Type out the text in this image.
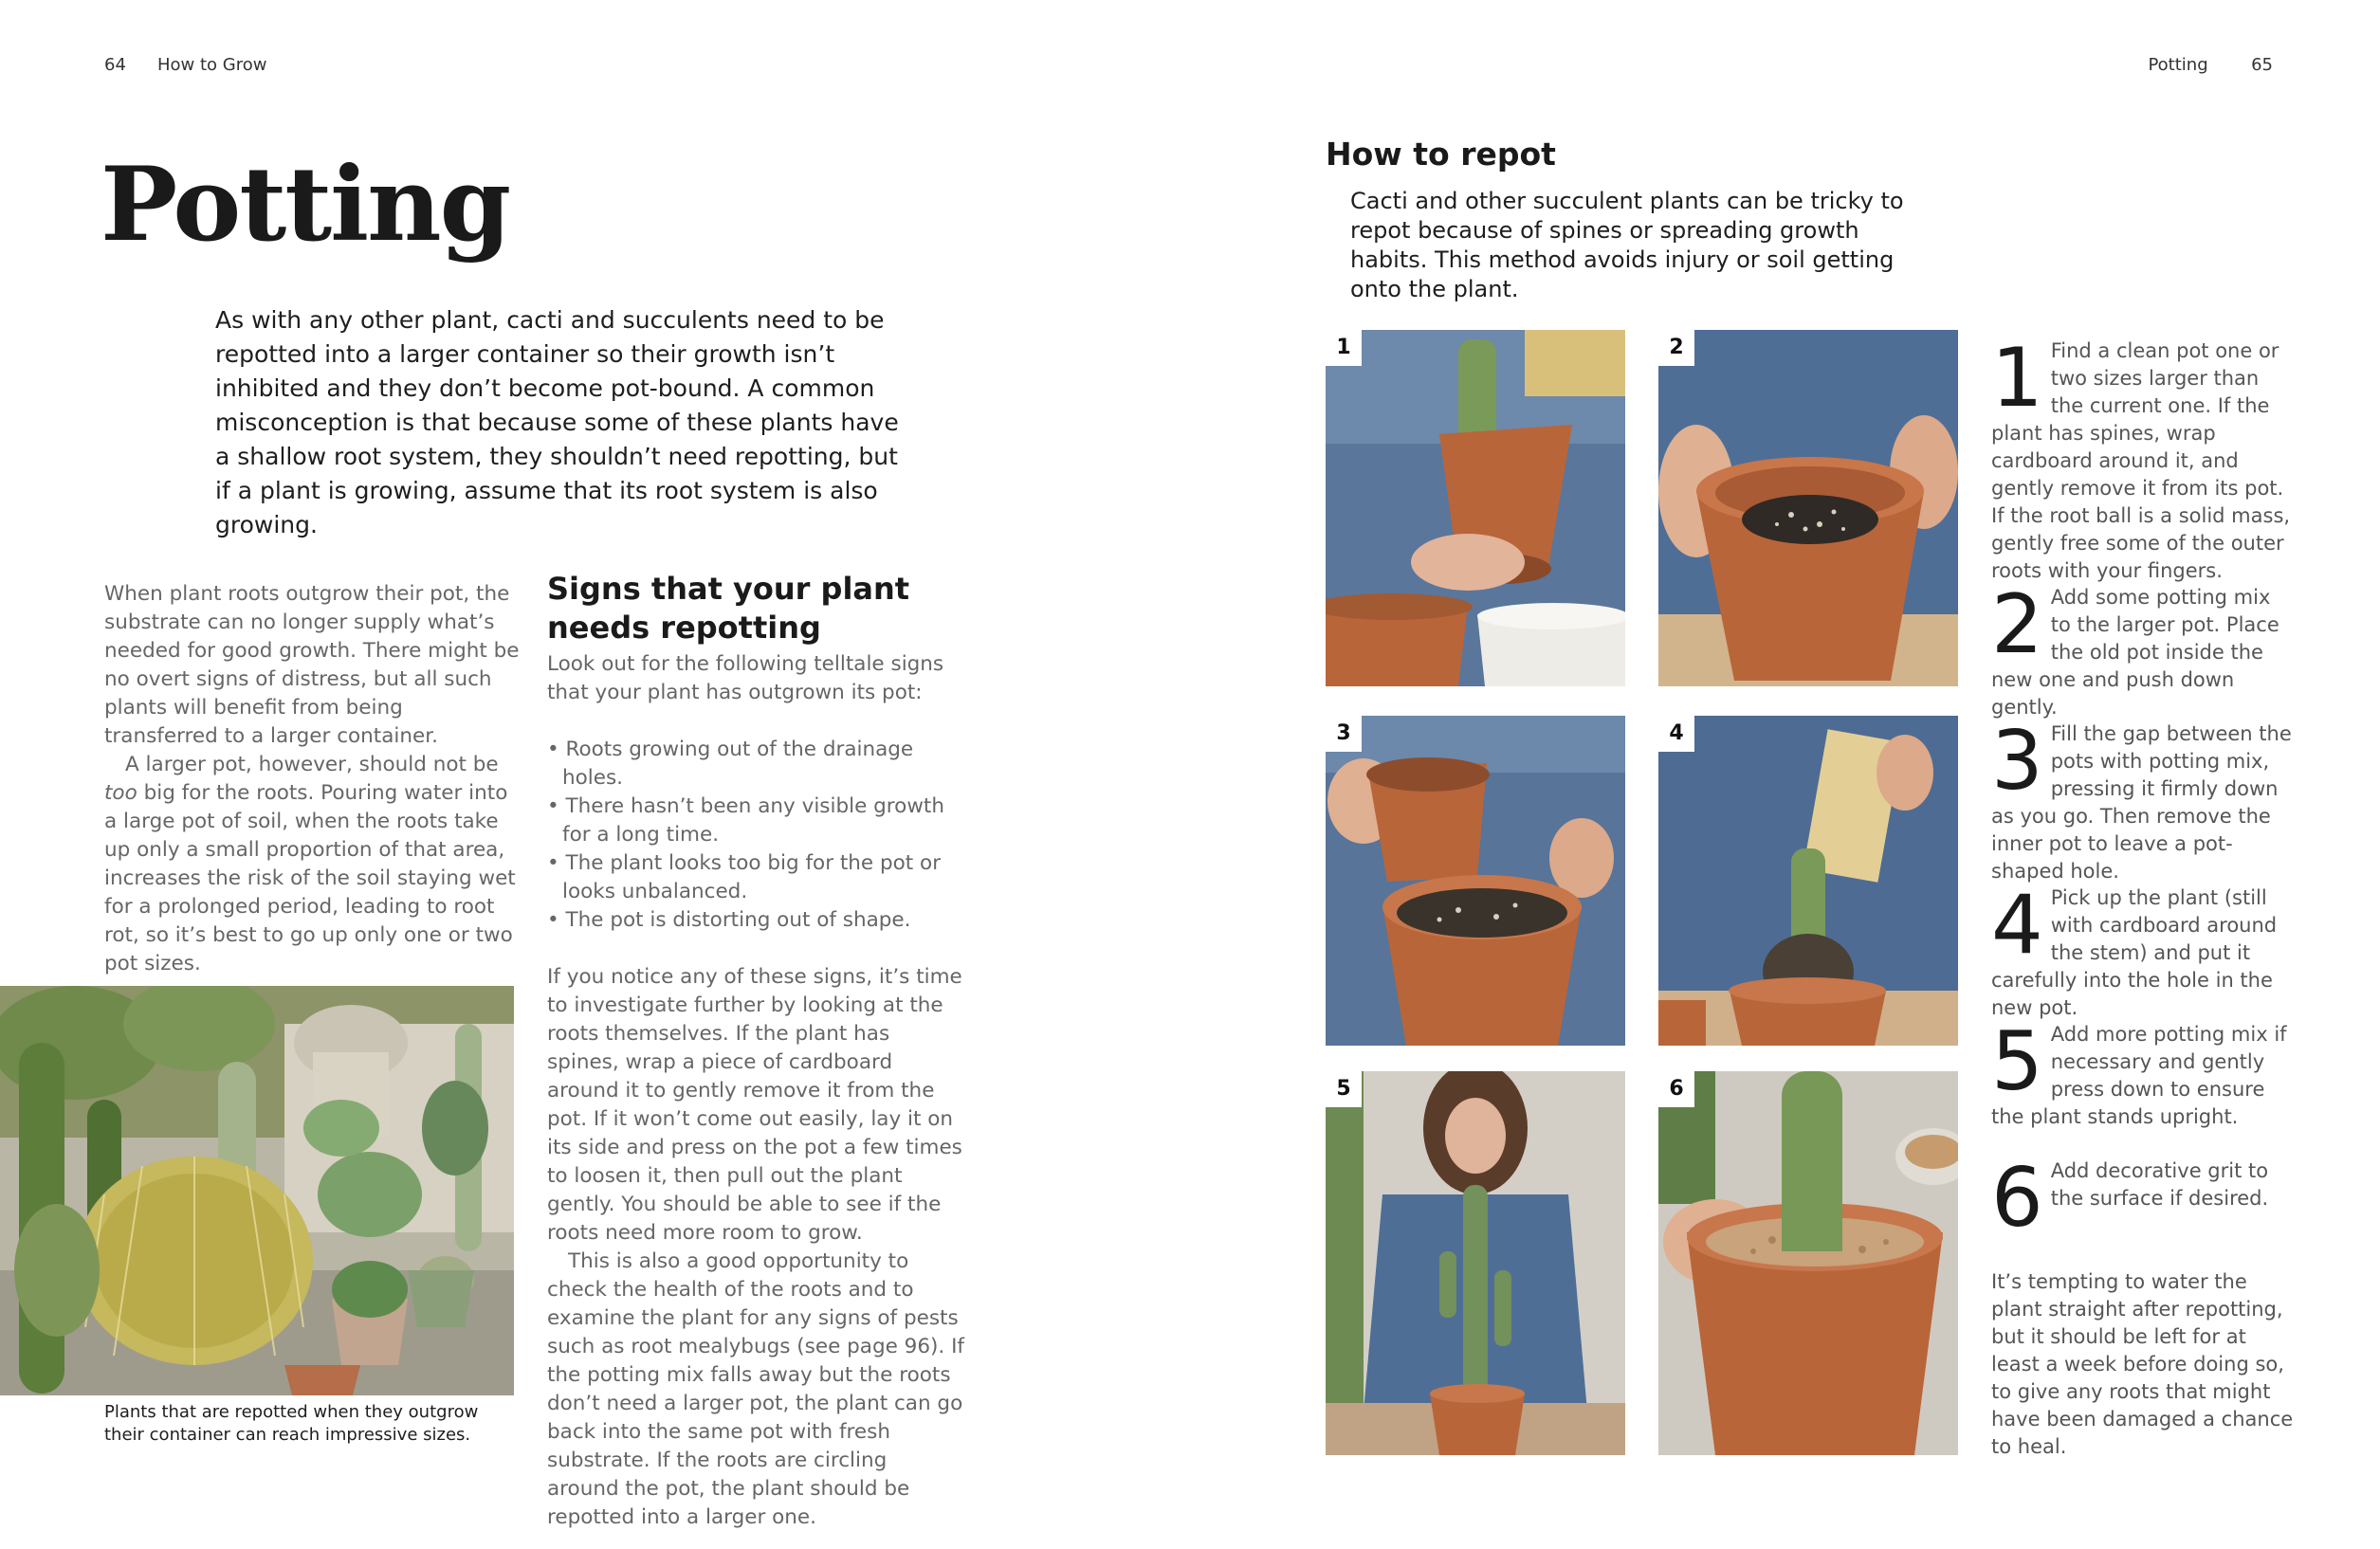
64 How to Grow	Potting	65
Potting
As with any other plant, cacti and succulents need to be repotted into a larger container so their growth isn’t inhibited and they don’t become pot-bound. A common misconception is that because some of these plants have a shallow root system, they shouldn’t need repotting, but if a plant is growing, assume that its root system is also growing.

When plant roots outgrow their pot, the substrate can no longer supply what’s needed for good growth. There might be no overt signs of distress, but all such plants will benefit from being transferred to a larger container.

A larger pot, however, should not be too big for the roots. Pouring water into a large pot of soil, when the roots take up only a small proportion of that area, increases the risk of the soil staying wet for a prolonged period, leading to root rot, so it’s best to go up only one or two pot sizes.

Plants that are repotted when they outgrow their container can reach impressive sizes.
Signs that your plant needs repotting

Look out for the following telltale signs that your plant has outgrown its pot:

• Roots growing out of the drainage holes.
• There hasn’t been any visible growth for a long time.
• The plant looks too big for the pot or looks unbalanced.
• The pot is distorting out of shape.

If you notice any of these signs, it’s time to investigate further by looking at the roots themselves. If the plant has spines, wrap a piece of cardboard around it to gently remove it from the pot. If it won’t come out easily, lay it on its side and press on the pot a few times to loosen it, then pull out the plant gently. You should be able to see if the roots need more room to grow.

This is also a good opportunity to check the health of the roots and to examine the plant for any signs of pests such as root mealybugs (see page 96). If the potting mix falls away but the roots don’t need a larger pot, the plant can go back into the same pot with fresh substrate. If the roots are circling around the pot, the plant should be repotted into a larger one.

How to repot
Cacti and other succulent plants can be tricky to repot because of spines or spreading growth habits. This method avoids injury or soil getting onto the plant.
1	2
3	4
5	6
1 Find a clean pot one or two sizes larger than the current one. If the plant has spines, wrap cardboard around it, and gently remove it from its pot. If the root ball is a solid mass, gently free some of the outer roots with your fingers.
2 Add some potting mix to the larger pot. Place the old pot inside the new one and push down gently.
3 Fill the gap between the pots with potting mix, pressing it firmly down as you go. Then remove the inner pot to leave a pot-shaped hole.
4 Pick up the plant (still with cardboard around the stem) and put it carefully into the hole in the new pot.
5 Add more potting mix if necessary and gently press down to ensure the plant stands upright.
6 Add decorative grit to the surface if desired.
It’s tempting to water the plant straight after repotting, but it should be left for at least a week before doing so, to give any roots that might have been damaged a chance to heal.
